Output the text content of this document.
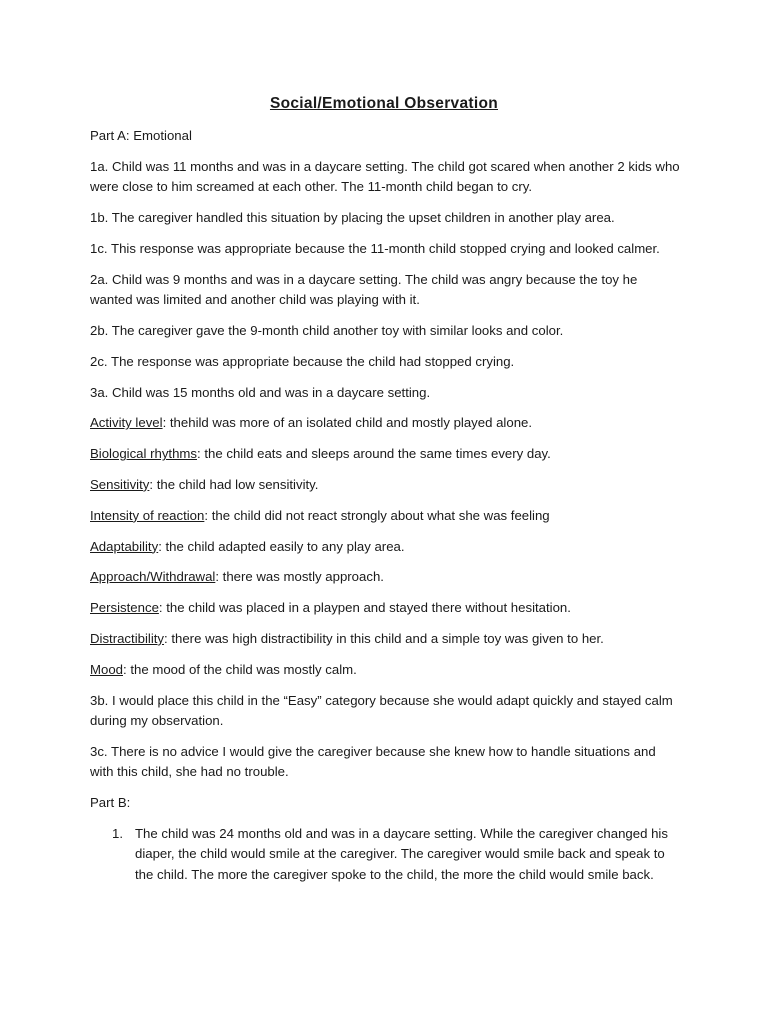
Social/Emotional Observation

Part A: Emotional

1a. Child was 11 months and was in a daycare setting. The child got scared when another 2 kids who were close to him screamed at each other. The 11-month child began to cry.

1b. The caregiver handled this situation by placing the upset children in another play area.

1c. This response was appropriate because the 11-month child stopped crying and looked calmer.

2a. Child was 9 months and was in a daycare setting. The child was angry because the toy he wanted was limited and another child was playing with it.

2b. The caregiver gave the 9-month child another toy with similar looks and color.

2c. The response was appropriate because the child had stopped crying.

3a. Child was 15 months old and was in a daycare setting.

Activity level: thehild was more of an isolated child and mostly played alone.

Biological rhythms: the child eats and sleeps around the same times every day.

Sensitivity: the child had low sensitivity.

Intensity of reaction: the child did not react strongly about what she was feeling

Adaptability: the child adapted easily to any play area.

Approach/Withdrawal: there was mostly approach.

Persistence: the child was placed in a playpen and stayed there without hesitation.

Distractibility: there was high distractibility in this child and a simple toy was given to her.

Mood: the mood of the child was mostly calm.

3b. I would place this child in the “Easy” category because she would adapt quickly and stayed calm during my observation.

3c. There is no advice I would give the caregiver because she knew how to handle situations and with this child, she had no trouble.

Part B:

1. The child was 24 months old and was in a daycare setting. While the caregiver changed his diaper, the child would smile at the caregiver. The caregiver would smile back and speak to the child. The more the caregiver spoke to the child, the more the child would smile back.
